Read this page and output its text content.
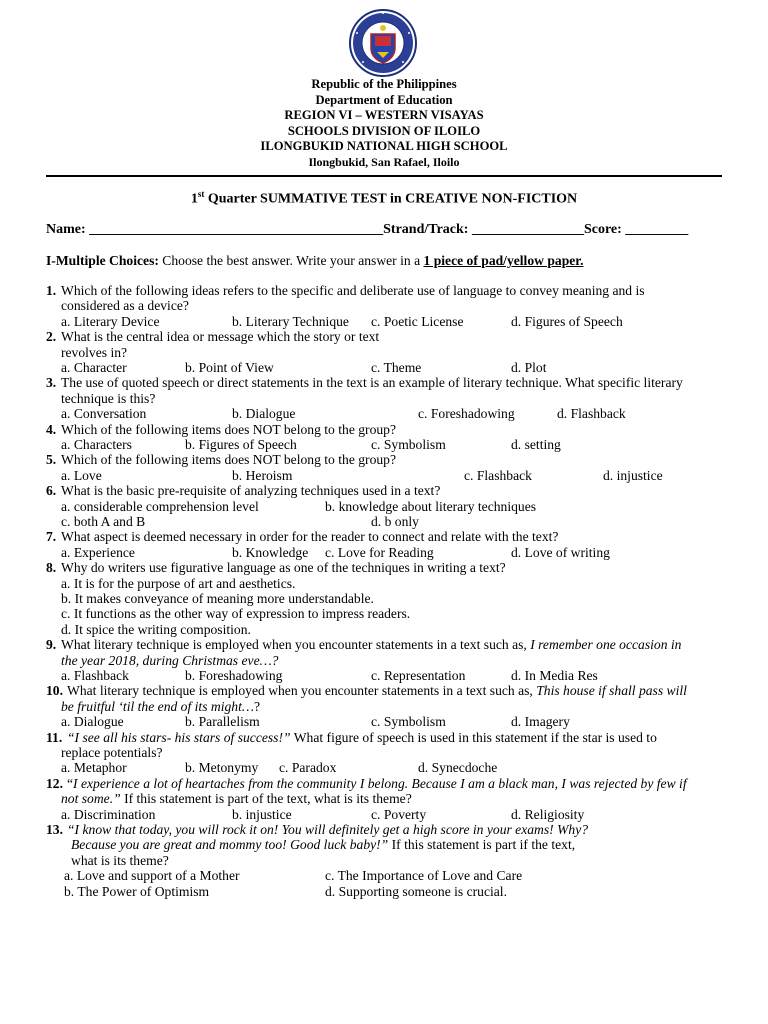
Republic of the Philippines
Department of Education
REGION VI – WESTERN VISAYAS
SCHOOLS DIVISION OF ILOILO
ILONGBUKID NATIONAL HIGH SCHOOL
Ilongbukid, San Rafael, Iloilo
1st Quarter SUMMATIVE TEST in CREATIVE NON-FICTION
Name: __________________________________________Strand/Track: ________________Score: _________
I-Multiple Choices: Choose the best answer. Write your answer in a 1 piece of pad/yellow paper.
1. Which of the following ideas refers to the specific and deliberate use of language to convey meaning and is
considered as a device?
a. Literary Device	b. Literary Technique c. Poetic License	d. Figures of Speech
2. What is the central idea or message which the story or text
revolves in?
a. Character	b. Point of View	c. Theme	d. Plot
3. The use of quoted speech or direct statements in the text is an example of literary technique. What specific literary
technique is this?
a. Conversation	b. Dialogue	c. Foreshadowing	d. Flashback
4. Which of the following items does NOT belong to the group?
a. Characters	b. Figures of Speech	c. Symbolism	d. setting
5. Which of the following items does NOT belong to the group?
a. Love	b. Heroism	c. Flashback	d. injustice
6. What is the basic pre-requisite of analyzing techniques used in a text?
a. considerable comprehension level	b. knowledge about literary techniques
c. both A and B	d. b only
7. What aspect is deemed necessary in order for the reader to connect and relate with the text?
a. Experience	b. Knowledge c. Love for Reading	d. Love of writing
8. Why do writers use figurative language as one of the techniques in writing a text?
a. It is for the purpose of art and aesthetics.
b. It makes conveyance of meaning more understandable.
c. It functions as the other way of expression to impress readers.
d. It spice the writing composition.
9. What literary technique is employed when you encounter statements in a text such as, I remember one occasion in
the year 2018, during Christmas eve…?
a. Flashback	b. Foreshadowing	c. Representation	d. In Media Res
10. What literary technique is employed when you encounter statements in a text such as, This house if shall pass will
be fruitful ‘til the end of its might…?
a. Dialogue	b. Parallelism	c. Symbolism	d. Imagery
11. “I see all his stars- his stars of success!” What figure of speech is used in this statement if the star is used to
replace potentials?
a. Metaphor	b. Metonymy c. Paradox	d. Synecdoche
12. “I experience a lot of heartaches from the community I belong. Because I am a black man, I was rejected by few if
not some.” If this statement is part of the text, what is its theme?
a. Discrimination	b. injustice	c. Poverty	d. Religiosity
13. “I know that today, you will rock it on! You will definitely get a high score in your exams! Why?
Because you are great and mommy too! Good luck baby!” If this statement is part if the text,
what is its theme?
a. Love and support of a Mother	c. The Importance of Love and Care
b. The Power of Optimism	d. Supporting someone is crucial.
